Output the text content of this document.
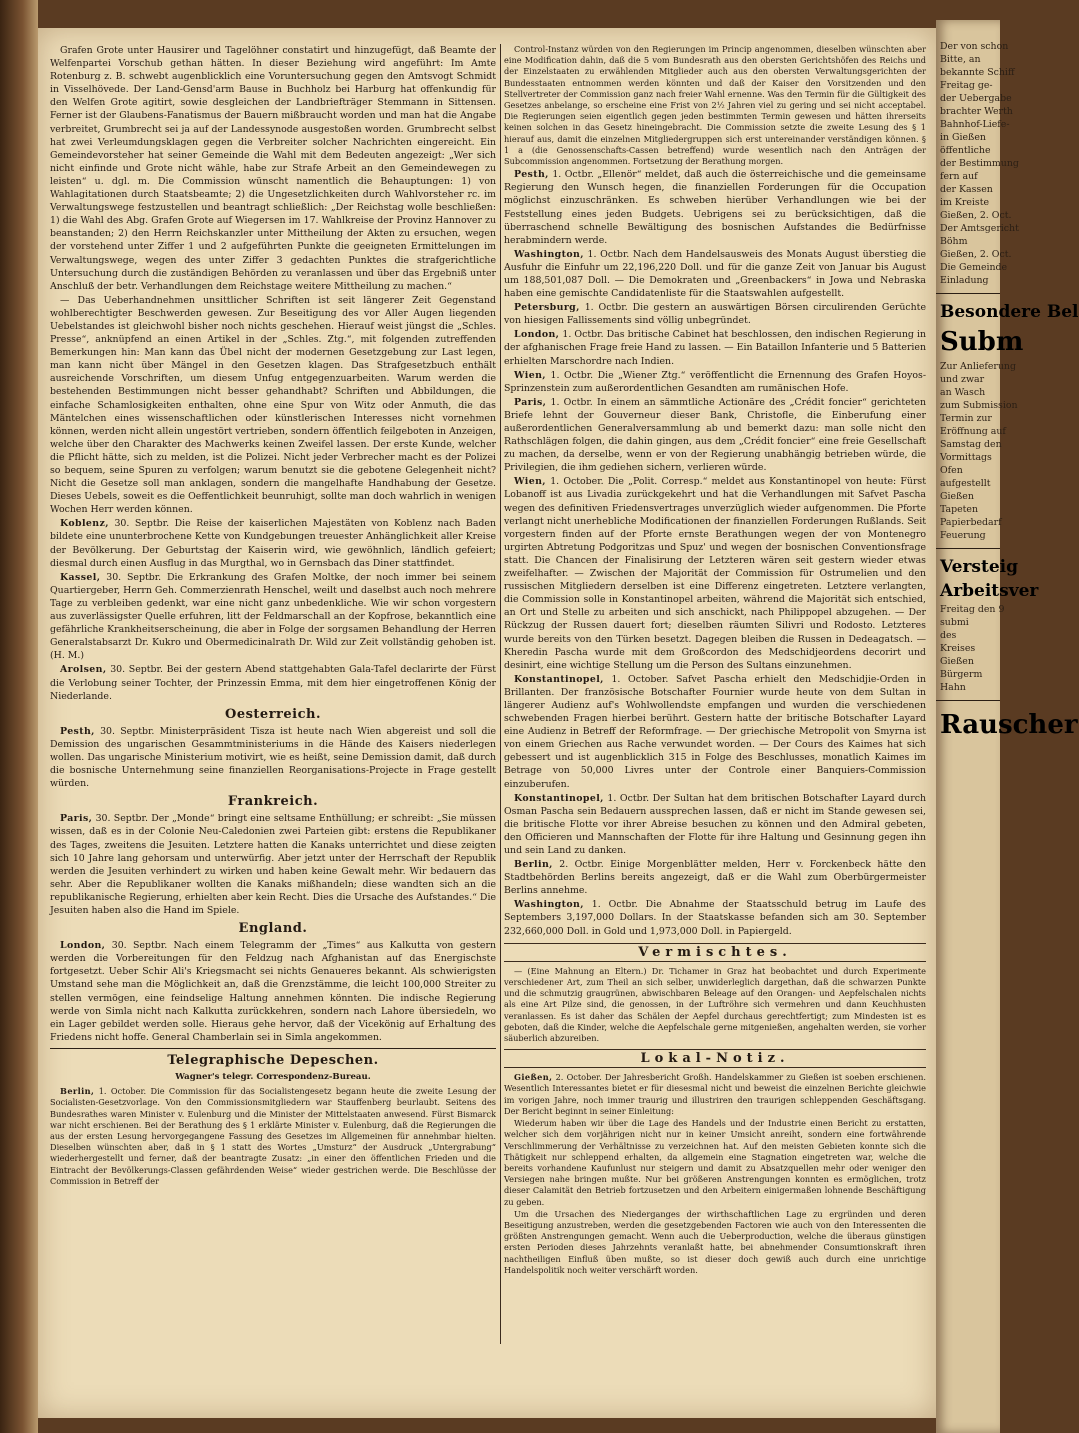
Grafen Grote unter Hausirer und Tagelöhner constatirt und hinzugefügt, daß Beamte der Welfenpartei Vorschub gethan hätten. In dieser Beziehung wird angeführt: Im Amte Rotenburg z. B. schwebt augenblicklich eine Voruntersuchung gegen den Amtsvogt Schmidt in Visselhövede. Der Land-Gensd'arm Bause in Buchholz bei Harburg hat offenkundig für den Welfen Grote agitirt, sowie desgleichen der Landbriefträger Stemmann in Sittensen. Ferner ist der Glaubens-Fanatismus der Bauern mißbraucht worden und man hat die Angabe verbreitet, Grumbrecht sei ja auf der Landessynode ausgestoßen worden. Grumbrecht selbst hat zwei Verleumdungsklagen gegen die Verbreiter solcher Nachrichten eingereicht. Ein Gemeindevorsteher hat seiner Gemeinde die Wahl mit dem Bedeuten angezeigt: „Wer sich nicht einfinde und Grote nicht wähle, habe zur Strafe Arbeit an den Gemeindewegen zu leisten“ u. dgl. m. Die Commission wünscht namentlich die Behauptungen: 1) von Wahlagitationen durch Staatsbeamte; 2) die Ungesetzlichkeiten durch Wahlvorsteher rc. im Verwaltungswege festzustellen und beantragt schließlich: „Der Reichstag wolle beschließen: 1) die Wahl des Abg. Grafen Grote auf Wiegersen im 17. Wahlkreise der Provinz Hannover zu beanstanden; 2) den Herrn Reichskanzler unter Mittheilung der Akten zu ersuchen, wegen der vorstehend unter Ziffer 1 und 2 aufgeführten Punkte die geeigneten Ermittelungen im Verwaltungswege, wegen des unter Ziffer 3 gedachten Punktes die strafgerichtliche Untersuchung durch die zuständigen Behörden zu veranlassen und über das Ergebniß unter Anschluß der betr. Verhandlungen dem Reichstage weitere Mittheilung zu machen.“

— Das Ueberhandnehmen unsittlicher Schriften ist seit längerer Zeit Gegenstand wohlberechtigter Beschwerden gewesen. Zur Beseitigung des vor Aller Augen liegenden Uebelstandes ist gleichwohl bisher noch nichts geschehen. Hierauf weist jüngst die „Schles. Presse“, anknüpfend an einen Artikel in der „Schles. Ztg.“, mit folgenden zutreffenden Bemerkungen hin: Man kann das Übel nicht der modernen Gesetzgebung zur Last legen, man kann nicht über Mängel in den Gesetzen klagen. Das Strafgesetzbuch enthält ausreichende Vorschriften, um diesem Unfug entgegenzuarbeiten. Warum werden die bestehenden Bestimmungen nicht besser gehandhabt? Schriften und Abbildungen, die einfache Schamlosigkeiten enthalten, ohne eine Spur von Witz oder Anmuth, die das Mäntelchen eines wissenschaftlichen oder künstlerischen Interesses nicht vornehmen können, werden nicht allein ungestört vertrieben, sondern öffentlich feilgeboten in Anzeigen, welche über den Charakter des Machwerks keinen Zweifel lassen. Der erste Kunde, welcher die Pflicht hätte, sich zu melden, ist die Polizei. Nicht jeder Verbrecher macht es der Polizei so bequem, seine Spuren zu verfolgen; warum benutzt sie die gebotene Gelegenheit nicht? Nicht die Gesetze soll man anklagen, sondern die mangelhafte Handhabung der Gesetze. Dieses Uebels, soweit es die Oeffentlichkeit beunruhigt, sollte man doch wahrlich in wenigen Wochen Herr werden können.

Koblenz, 30. Septbr. Die Reise der kaiserlichen Majestäten von Koblenz nach Baden bildete eine ununterbrochene Kette von Kundgebungen treuester Anhänglichkeit aller Kreise der Bevölkerung. Der Geburtstag der Kaiserin wird, wie gewöhnlich, ländlich gefeiert; diesmal durch einen Ausflug in das Murgthal, wo in Gernsbach das Diner stattfindet.

Kassel, 30. Septbr. Die Erkrankung des Grafen Moltke, der noch immer bei seinem Quartiergeber, Herrn Geh. Commerzienrath Henschel, weilt und daselbst auch noch mehrere Tage zu verbleiben gedenkt, war eine nicht ganz unbedenkliche. Wie wir schon vorgestern aus zuverlässigster Quelle erfuhren, litt der Feldmarschall an der Kopfrose, bekanntlich eine gefährliche Krankheitserscheinung, die aber in Folge der sorgsamen Behandlung der Herren Generalstabsarzt Dr. Kukro und Obermedicinalrath Dr. Wild zur Zeit vollständig gehoben ist. (H. M.)

Arolsen, 30. Septbr. Bei der gestern Abend stattgehabten Gala-Tafel declarirte der Fürst die Verlobung seiner Tochter, der Prinzessin Emma, mit dem hier eingetroffenen König der Niederlande.

Oesterreich.

Pesth, 30. Septbr. Ministerpräsident Tisza ist heute nach Wien abgereist und soll die Demission des ungarischen Gesammtministeriums in die Hände des Kaisers niederlegen wollen. Das ungarische Ministerium motivirt, wie es heißt, seine Demission damit, daß durch die bosnische Unternehmung seine finanziellen Reorganisations-Projecte in Frage gestellt würden.

Frankreich.

Paris, 30. Septbr. Der „Monde“ bringt eine seltsame Enthüllung; er schreibt: „Sie müssen wissen, daß es in der Colonie Neu-Caledonien zwei Parteien gibt: erstens die Republikaner des Tages, zweitens die Jesuiten. Letztere hatten die Kanaks unterrichtet und diese zeigten sich 10 Jahre lang gehorsam und unterwürfig. Aber jetzt unter der Herrschaft der Republik werden die Jesuiten verhindert zu wirken und haben keine Gewalt mehr. Wir bedauern das sehr. Aber die Republikaner wollten die Kanaks mißhandeln; diese wandten sich an die republikanische Regierung, erhielten aber kein Recht. Dies die Ursache des Aufstandes.“ Die Jesuiten haben also die Hand im Spiele.

England.

London, 30. Septbr. Nach einem Telegramm der „Times“ aus Kalkutta von gestern werden die Vorbereitungen für den Feldzug nach Afghanistan auf das Energischste fortgesetzt. Ueber Schir Ali's Kriegsmacht sei nichts Genaueres bekannt. Als schwierigsten Umstand sehe man die Möglichkeit an, daß die Grenzstämme, die leicht 100,000 Streiter zu stellen vermögen, eine feindselige Haltung annehmen könnten. Die indische Regierung werde von Simla nicht nach Kalkutta zurückkehren, sondern nach Lahore übersiedeln, wo ein Lager gebildet werden solle. Hieraus gehe hervor, daß der Vicekönig auf Erhaltung des Friedens nicht hoffe. General Chamberlain sei in Simla angekommen.

Telegraphische Depeschen.

Wagner's telegr. Correspondenz-Bureau.

Berlin, 1. October. Die Commission für das Socialistengesetz begann heute die zweite Lesung der Socialisten-Gesetzvorlage. Von den Commissionsmitgliedern war Stauffenberg beurlaubt. Seitens des Bundesrathes waren Minister v. Eulenburg und die Minister der Mittelstaaten anwesend. Fürst Bismarck war nicht erschienen. Bei der Berathung des § 1 erklärte Minister v. Eulenburg, daß die Regierungen die aus der ersten Lesung hervorgegangene Fassung des Gesetzes im Allgemeinen für annehmbar hielten. Dieselben wünschten aber, daß in § 1 statt des Wortes „Umsturz“ der Ausdruck „Untergrabung“ wiederhergestellt und ferner, daß der beantragte Zusatz: „in einer den öffentlichen Frieden und die Eintracht der Bevölkerungs-Classen gefährdenden Weise“ wieder gestrichen werde. Die Beschlüsse der Commission in Betreff der

Control-Instanz würden von den Regierungen im Princip angenommen, dieselben wünschten aber eine Modification dahin, daß die 5 vom Bundesrath aus den obersten Gerichtshöfen des Reichs und der Einzelstaaten zu erwählenden Mitglieder auch aus den obersten Verwaltungsgerichten der Bundesstaaten entnommen werden könnten und daß der Kaiser den Vorsitzenden und den Stellvertreter der Commission ganz nach freier Wahl ernenne. Was den Termin für die Gültigkeit des Gesetzes anbelange, so erscheine eine Frist von 2½ Jahren viel zu gering und sei nicht acceptabel. Die Regierungen seien eigentlich gegen jeden bestimmten Termin gewesen und hätten ihrerseits keinen solchen in das Gesetz hineingebracht. Die Commission setzte die zweite Lesung des § 1 hierauf aus, damit die einzelnen Mitgliedergruppen sich erst untereinander verständigen können. § 1 a (die Genossenschafts-Cassen betreffend) wurde wesentlich nach den Anträgen der Subcommission angenommen. Fortsetzung der Berathung morgen.

Pesth, 1. Octbr. „Ellenör“ meldet, daß auch die österreichische und die gemeinsame Regierung den Wunsch hegen, die finanziellen Forderungen für die Occupation möglichst einzuschränken. Es schweben hierüber Verhandlungen wie bei der Feststellung eines jeden Budgets. Uebrigens sei zu berücksichtigen, daß die überraschend schnelle Bewältigung des bosnischen Aufstandes die Bedürfnisse herabmindern werde.

Washington, 1. Octbr. Nach dem Handelsausweis des Monats August überstieg die Ausfuhr die Einfuhr um 22,196,220 Doll. und für die ganze Zeit von Januar bis August um 188,501,087 Doll. — Die Demokraten und „Greenbackers“ in Jowa und Nebraska haben eine gemischte Candidatenliste für die Staatswahlen aufgestellt.

Petersburg, 1. Octbr. Die gestern an auswärtigen Börsen circulirenden Gerüchte von hiesigen Fallissements sind völlig unbegründet.

London, 1. Octbr. Das britische Cabinet hat beschlossen, den indischen Regierung in der afghanischen Frage freie Hand zu lassen. — Ein Bataillon Infanterie und 5 Batterien erhielten Marschordre nach Indien.

Wien, 1. Octbr. Die „Wiener Ztg.“ veröffentlicht die Ernennung des Grafen Hoyos-Sprinzenstein zum außerordentlichen Gesandten am rumänischen Hofe.

Paris, 1. Octbr. In einem an sämmtliche Actionäre des „Crédit foncier“ gerichteten Briefe lehnt der Gouverneur dieser Bank, Christofle, die Einberufung einer außerordentlichen Generalversammlung ab und bemerkt dazu: man solle nicht den Rathschlägen folgen, die dahin gingen, aus dem „Crédit foncier“ eine freie Gesellschaft zu machen, da derselbe, wenn er von der Regierung unabhängig betrieben würde, die Privilegien, die ihm gediehen sichern, verlieren würde.

Wien, 1. October. Die „Polit. Corresp.“ meldet aus Konstantinopel von heute: Fürst Lobanoff ist aus Livadia zurückgekehrt und hat die Verhandlungen mit Safvet Pascha wegen des definitiven Friedensvertrages unverzüglich wieder aufgenommen. Die Pforte verlangt nicht unerhebliche Modificationen der finanziellen Forderungen Rußlands. Seit vorgestern finden auf der Pforte ernste Berathungen wegen der von Montenegro urgirten Abtretung Podgoritzas und Spuz' und wegen der bosnischen Conventionsfrage statt. Die Chancen der Finalisirung der Letzteren wären seit gestern wieder etwas zweifelhafter. — Zwischen der Majorität der Commission für Ostrumelien und den russischen Mitgliedern derselben ist eine Differenz eingetreten. Letztere verlangten, die Commission solle in Konstantinopel arbeiten, während die Majorität sich entschied, an Ort und Stelle zu arbeiten und sich anschickt, nach Philippopel abzugehen. — Der Rückzug der Russen dauert fort; dieselben räumten Silivri und Rodosto. Letzteres wurde bereits von den Türken besetzt. Dagegen bleiben die Russen in Dedeagatsch. — Kheredin Pascha wurde mit dem Großcordon des Medschidjeordens decorirt und desinirt, eine wichtige Stellung um die Person des Sultans einzunehmen.

Konstantinopel, 1. October. Safvet Pascha erhielt den Medschidjie-Orden in Brillanten. Der französische Botschafter Fournier wurde heute von dem Sultan in längerer Audienz auf's Wohlwollendste empfangen und wurden die verschiedenen schwebenden Fragen hierbei berührt. Gestern hatte der britische Botschafter Layard eine Audienz in Betreff der Reformfrage. — Der griechische Metropolit von Smyrna ist von einem Griechen aus Rache verwundet worden. — Der Cours des Kaimes hat sich gebessert und ist augenblicklich 315 in Folge des Beschlusses, monatlich Kaimes im Betrage von 50,000 Livres unter der Controle einer Banquiers-Commission einzuberufen.

Konstantinopel, 1. Octbr. Der Sultan hat dem britischen Botschafter Layard durch Osman Pascha sein Bedauern aussprechen lassen, daß er nicht im Stande gewesen sei, die britische Flotte vor ihrer Abreise besuchen zu können und den Admiral gebeten, den Officieren und Mannschaften der Flotte für ihre Haltung und Gesinnung gegen ihn und sein Land zu danken.

Berlin, 2. Octbr. Einige Morgenblätter melden, Herr v. Forckenbeck hätte den Stadtbehörden Berlins bereits angezeigt, daß er die Wahl zum Oberbürgermeister Berlins annehme.

Washington, 1. Octbr. Die Abnahme der Staatsschuld betrug im Laufe des Septembers 3,197,000 Dollars. In der Staatskasse befanden sich am 30. September 232,660,000 Doll. in Gold und 1,973,000 Doll. in Papiergeld.

Vermischtes.

— (Eine Mahnung an Eltern.) Dr. Tichamer in Graz hat beobachtet und durch Experimente verschiedener Art, zum Theil an sich selber, unwiderleglich dargethan, daß die schwarzen Punkte und die schmutzig graugrünen, abwischbaren Beleage auf den Orangen- und Aepfelschalen nichts als eine Art Pilze sind, die genossen, in der Luftröhre sich vermehren und dann Keuchhusten veranlassen. Es ist daher das Schälen der Aepfel durchaus gerechtfertigt; zum Mindesten ist es geboten, daß die Kinder, welche die Aepfelschale gerne mitgenießen, angehalten werden, sie vorher säuberlich abzureiben.

Lokal-Notiz.

Gießen, 2. October. Der Jahresbericht Großh. Handelskammer zu Gießen ist soeben erschienen. Wesentlich Interessantes bietet er für diesesmal nicht und beweist die einzelnen Berichte gleichwie im vorigen Jahre, noch immer traurig und illustriren den traurigen schleppenden Geschäftsgang. Der Bericht beginnt in seiner Einleitung:

Wiederum haben wir über die Lage des Handels und der Industrie einen Bericht zu erstatten, welcher sich dem vorjährigen nicht nur in keiner Umsicht anreiht, sondern eine fortwährende Verschlimmerung der Verhältnisse zu verzeichnen hat. Auf den meisten Gebieten konnte sich die Thätigkeit nur schleppend erhalten, da allgemein eine Stagnation eingetreten war, welche die bereits vorhandene Kaufunlust nur steigern und damit zu Absatzquellen mehr oder weniger den Versiegen nahe bringen mußte. Nur bei größeren Anstrengungen konnten es ermöglichen, trotz dieser Calamität den Betrieb fortzusetzen und den Arbeitern einigermaßen lohnende Beschäftigung zu geben.

Um die Ursachen des Niederganges der wirthschaftlichen Lage zu ergründen und deren Beseitigung anzustreben, werden die gesetzgebenden Factoren wie auch von den Interessenten die größten Anstrengungen gemacht. Wenn auch die Ueberproduction, welche die überaus günstigen ersten Perioden dieses Jahrzehnts veranlaßt hatte, bei abnehmender Consumtionskraft ihren nachtheiligen Einfluß üben mußte, so ist dieser doch gewiß auch durch eine unrichtige Handelspolitik noch weiter verschärft worden.

Der von schon
Bitte, an
bekannte Schiff
Freitag ge-
der Uebergabe
brachter Werth
Bahnhof-Liefe-
in Gießen
öffentliche
der Bestimmung
fern auf
der Kassen
im Kreiste
Gießen, 2. Oct.
Der Amtsgericht
Böhm
Gießen, 2. Oct.
Die Gemeinde
Einladung
Besondere Bel
Subm
Zur Anlieferung
und zwar
an Wasch
zum Submission
Termin zur
Eröffnung auf
Samstag den
Vormittags
Ofen
aufgestellt
Gießen
Tapeten
Papierbedarf
Feuerung
Versteig
Arbeitsver
Freitag den 9
submi
des
Kreises
Gießen
Bürgerm
Hahn
Rauscher
